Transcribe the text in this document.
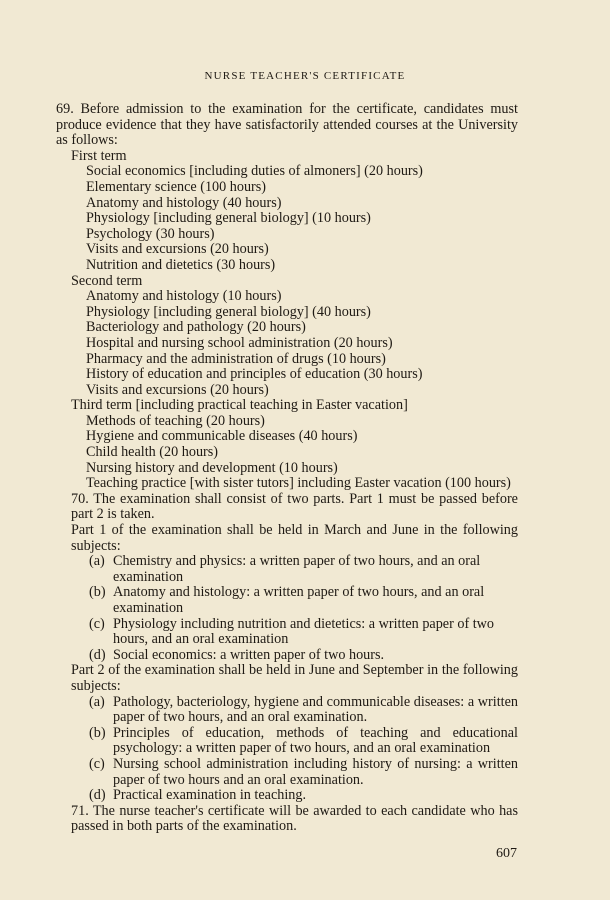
NURSE TEACHER'S CERTIFICATE

69. Before admission to the examination for the certificate, candidates must produce evidence that they have satisfactorily attended courses at the University as follows:

First term

Social economics [including duties of almoners] (20 hours)

Elementary science (100 hours)

Anatomy and histology (40 hours)

Physiology [including general biology] (10 hours)

Psychology (30 hours)

Visits and excursions (20 hours)

Nutrition and dietetics (30 hours)

Second term

Anatomy and histology (10 hours)

Physiology [including general biology] (40 hours)

Bacteriology and pathology (20 hours)

Hospital and nursing school administration (20 hours)

Pharmacy and the administration of drugs (10 hours)

History of education and principles of education (30 hours)

Visits and excursions (20 hours)

Third term [including practical teaching in Easter vacation]

Methods of teaching (20 hours)

Hygiene and communicable diseases (40 hours)

Child health (20 hours)

Nursing history and development (10 hours)

Teaching practice [with sister tutors] including Easter vacation (100 hours)

70. The examination shall consist of two parts. Part 1 must be passed before part 2 is taken.

Part 1 of the examination shall be held in March and June in the following subjects:

(a) Chemistry and physics: a written paper of two hours, and an oral examination

(b) Anatomy and histology: a written paper of two hours, and an oral examination

(c) Physiology including nutrition and dietetics: a written paper of two hours, and an oral examination

(d) Social economics: a written paper of two hours.

Part 2 of the examination shall be held in June and September in the following subjects:

(a) Pathology, bacteriology, hygiene and communicable diseases: a written paper of two hours, and an oral examination.

(b) Principles of education, methods of teaching and educational psychology: a written paper of two hours, and an oral examination

(c) Nursing school administration including history of nursing: a written paper of two hours and an oral examination.

(d) Practical examination in teaching.

71. The nurse teacher's certificate will be awarded to each candidate who has passed in both parts of the examination.

607
